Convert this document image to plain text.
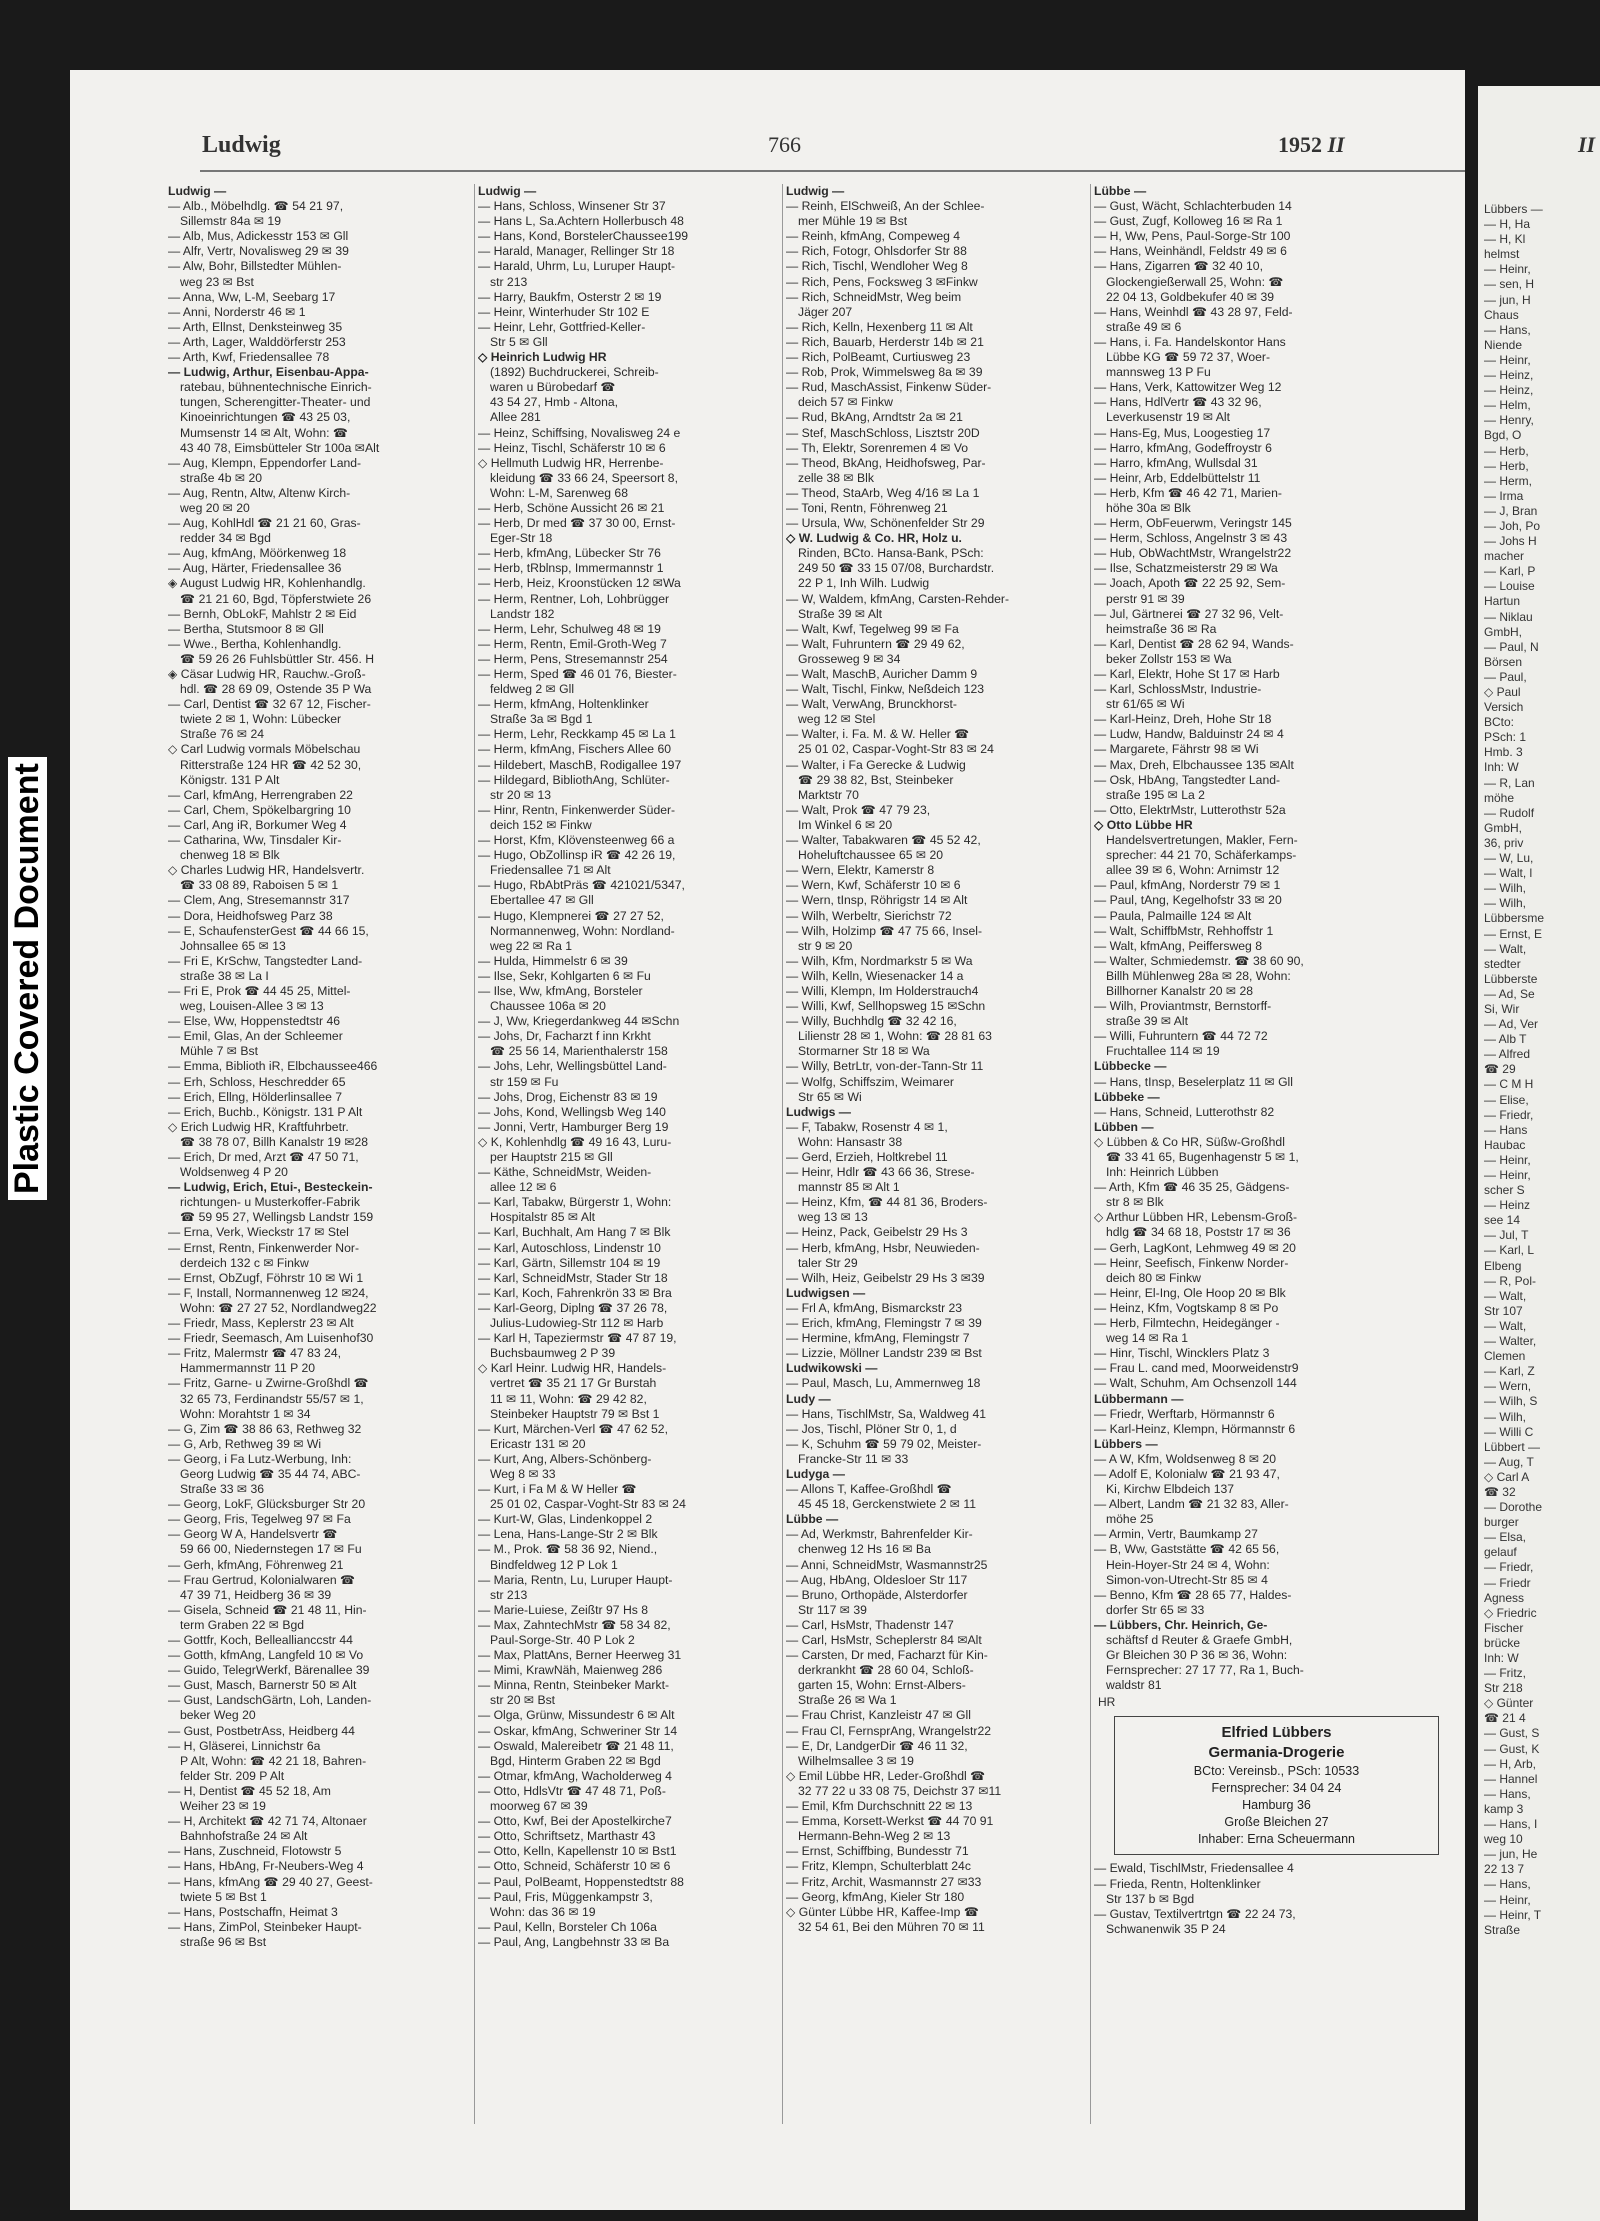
Ludwig	766	1952 II
Ludwig —
— Alb., Möbelhdlg. ☎ 54 21 97,
Sillemstr 84a ✉ 19
— Alb, Mus, Adickesstr 153 ✉ Gll
— Alfr, Vertr, Novalisweg 29 ✉ 39
— Alw, Bohr, Billstedter Mühlen-
weg 23 ✉ Bst
— Anna, Ww, L-M, Seebarg 17
— Anni, Norderstr 46 ✉ 1
— Arth, Ellnst, Denksteinweg 35
— Arth, Lager, Walddörferstr 253
— Arth, Kwf, Friedensallee 78
— Ludwig, Arthur, Eisenbau-Appa-
ratebau, bühnentechnische Einrich-
tungen, Scherengitter-Theater- und
Kinoeinrichtungen ☎ 43 25 03,
Mumsenstr 14 ✉ Alt, Wohn: ☎
43 40 78, Eimsbütteler Str 100a ✉Alt
— Aug, Klempn, Eppendorfer Land-
straße 4b ✉ 20
— Aug, Rentn, Altw, Altenw Kirch-
weg 20 ✉ 20
— Aug, KohlHdl ☎ 21 21 60, Gras-
redder 34 ✉ Bgd
— Aug, kfmAng, Möörkenweg 18
— Aug, Härter, Friedensallee 36
◈ August Ludwig HR, Kohlenhandlg.
☎ 21 21 60, Bgd, Töpferstwiete 26
— Bernh, ObLokF, Mahlstr 2 ✉ Eid
— Bertha, Stutsmoor 8 ✉ Gll
— Wwe., Bertha, Kohlenhandlg.
☎ 59 26 26 Fuhlsbüttler Str. 456. H
◈ Cäsar Ludwig HR, Rauchw.-Groß-
hdl. ☎ 28 69 09, Ostende 35 P Wa
— Carl, Dentist ☎ 32 67 12, Fischer-
twiete 2 ✉ 1, Wohn: Lübecker
Straße 76 ✉ 24
◇ Carl Ludwig vormals Möbelschau
Ritterstraße 124 HR ☎ 42 52 30,
Königstr. 131 P Alt
— Carl, kfmAng, Herrengraben 22
— Carl, Chem, Spökelbargring 10
— Carl, Ang iR, Borkumer Weg 4
— Catharina, Ww, Tinsdaler Kir-
chenweg 18 ✉ Blk
◇ Charles Ludwig HR, Handelsvertr.
☎ 33 08 89, Raboisen 5 ✉ 1
— Clem, Ang, Stresemannstr 317
— Dora, Heidhofsweg Parz 38
— E, SchaufensterGest ☎ 44 66 15,
Johnsallee 65 ✉ 13
— Fri E, KrSchw, Tangstedter Land-
straße 38 ✉ La I
— Fri E, Prok ☎ 44 45 25, Mittel-
weg, Louisen-Allee 3 ✉ 13
— Else, Ww, Hoppenstedtstr 46
— Emil, Glas, An der Schleemer
Mühle 7 ✉ Bst
— Emma, Biblioth iR, Elbchaussee466
— Erh, Schloss, Heschredder 65
— Erich, Ellng, Hölderlinsallee 7
— Erich, Buchb., Königstr. 131 P Alt
◇ Erich Ludwig HR, Kraftfuhrbetr.
☎ 38 78 07, Billh Kanalstr 19 ✉28
— Erich, Dr med, Arzt ☎ 47 50 71,
Woldsenweg 4 P 20
— Ludwig, Erich, Etui-, Besteckein-
richtungen- u Musterkoffer-Fabrik
☎ 59 95 27, Wellingsb Landstr 159
— Erna, Verk, Wieckstr 17 ✉ Stel
— Ernst, Rentn, Finkenwerder Nor-
derdeich 132 c ✉ Finkw
— Ernst, ObZugf, Föhrstr 10 ✉ Wi 1
— F, Install, Normannenweg 12 ✉24,
Wohn: ☎ 27 27 52, Nordlandweg22
— Friedr, Mass, Keplerstr 23 ✉ Alt
— Friedr, Seemasch, Am Luisenhof30
— Fritz, Malermstr ☎ 47 83 24,
Hammermannstr 11 P 20
— Fritz, Garne- u Zwirne-Großhdl ☎
32 65 73, Ferdinandstr 55/57 ✉ 1,
Wohn: Morahtstr 1 ✉ 34
— G, Zim ☎ 38 86 63, Rethweg 32
— G, Arb, Rethweg 39 ✉ Wi
— Georg, i Fa Lutz-Werbung, Inh:
Georg Ludwig ☎ 35 44 74, ABC-
Straße 33 ✉ 36
— Georg, LokF, Glücksburger Str 20
— Georg, Fris, Tegelweg 97 ✉ Fa
— Georg W A, Handelsvertr ☎
59 66 00, Niedernstegen 17 ✉ Fu
— Gerh, kfmAng, Föhrenweg 21
— Frau Gertrud, Kolonialwaren ☎
47 39 71, Heidberg 36 ✉ 39
— Gisela, Schneid ☎ 21 48 11, Hin-
term Graben 22 ✉ Bgd
— Gottfr, Koch, Belleallianccstr 44
— Gotth, kfmAng, Langfeld 10 ✉ Vo
— Guido, TelegrWerkf, Bärenallee 39
— Gust, Masch, Barnerstr 50 ✉ Alt
— Gust, LandschGärtn, Loh, Landen-
beker Weg 20
— Gust, PostbetrAss, Heidberg 44
— H, Gläserei, Linnichstr 6a
P Alt, Wohn: ☎ 42 21 18, Bahren-
felder Str. 209 P Alt
— H, Dentist ☎ 45 52 18, Am
Weiher 23 ✉ 19
— H, Architekt ☎ 42 71 74, Altonaer
Bahnhofstraße 24 ✉ Alt
— Hans, Zuschneid, Flotowstr 5
— Hans, HbAng, Fr-Neubers-Weg 4
— Hans, kfmAng ☎ 29 40 27, Geest-
twiete 5 ✉ Bst 1
— Hans, Postschaffn, Heimat 3
— Hans, ZimPol, Steinbeker Haupt-
straße 96 ✉ Bst
Ludwig —
— Hans, Schloss, Winsener Str 37
— Hans L, Sa.Achtern Hollerbusch 48
— Hans, Kond, BorstelerChaussee199
— Harald, Manager, Rellinger Str 18
— Harald, Uhrm, Lu, Luruper Haupt-
str 213
— Harry, Baukfm, Osterstr 2 ✉ 19
— Heinr, Winterhuder Str 102 E
— Heinr, Lehr, Gottfried-Keller-
Str 5 ✉ Gll
◇ Heinrich Ludwig HR
(1892) Buchdruckerei, Schreib-
waren u Bürobedarf ☎
43 54 27, Hmb - Altona,
Allee 281
— Heinz, Schiffsing, Novalisweg 24 e
— Heinz, Tischl, Schäferstr 10 ✉ 6
◇ Hellmuth Ludwig HR, Herrenbe-
kleidung ☎ 33 66 24, Speersort 8,
Wohn: L-M, Sarenweg 68
— Herb, Schöne Aussicht 26 ✉ 21
— Herb, Dr med ☎ 37 30 00, Ernst-
Eger-Str 18
— Herb, kfmAng, Lübecker Str 76
— Herb, tRblnsp, Immermannstr 1
— Herb, Heiz, Kroonstücken 12 ✉Wa
— Herm, Rentner, Loh, Lohbrügger
Landstr 182
— Herm, Lehr, Schulweg 48 ✉ 19
— Herm, Rentn, Emil-Groth-Weg 7
— Herm, Pens, Stresemannstr 254
— Herm, Sped ☎ 46 01 76, Biester-
feldweg 2 ✉ Gll
— Herm, kfmAng, Holtenklinker
Straße 3a ✉ Bgd 1
— Herm, Lehr, Reckkamp 45 ✉ La 1
— Herm, kfmAng, Fischers Allee 60
— Hildebert, MaschB, Rodigallee 197
— Hildegard, BibliothAng, Schlüter-
str 20 ✉ 13
— Hinr, Rentn, Finkenwerder Süder-
deich 152 ✉ Finkw
— Horst, Kfm, Klövensteenweg 66 a
— Hugo, ObZollinsp iR ☎ 42 26 19,
Friedensallee 71 ✉ Alt
— Hugo, RbAbtPräs ☎ 421021/5347,
Ebertallee 47 ✉ Gll
— Hugo, Klempnerei ☎ 27 27 52,
Normannenweg, Wohn: Nordland-
weg 22 ✉ Ra 1
— Hulda, Himmelstr 6 ✉ 39
— Ilse, Sekr, Kohlgarten 6 ✉ Fu
— Ilse, Ww, kfmAng, Borsteler
Chaussee 106a ✉ 20
— J, Ww, Kriegerdankweg 44 ✉Schn
— Johs, Dr, Facharzt f inn Krkht
☎ 25 56 14, Marienthalerstr 158
— Johs, Lehr, Wellingsbüttel Land-
str 159 ✉ Fu
— Johs, Drog, Eichenstr 83 ✉ 19
— Johs, Kond, Wellingsb Weg 140
— Jonni, Vertr, Hamburger Berg 19
◇ K, Kohlenhdlg ☎ 49 16 43, Luru-
per Hauptstr 215 ✉ Gll
— Käthe, SchneidMstr, Weiden-
allee 12 ✉ 6
— Karl, Tabakw, Bürgerstr 1, Wohn:
Hospitalstr 85 ✉ Alt
— Karl, Buchhalt, Am Hang 7 ✉ Blk
— Karl, Autoschloss, Lindenstr 10
— Karl, Gärtn, Sillemstr 104 ✉ 19
— Karl, SchneidMstr, Stader Str 18
— Karl, Koch, Fahrenkrön 33 ✉ Bra
— Karl-Georg, Diplng ☎ 37 26 78,
Julius-Ludowieg-Str 112 ✉ Harb
— Karl H, Tapeziermstr ☎ 47 87 19,
Buchsbaumweg 2 P 39
◇ Karl Heinr. Ludwig HR, Handels-
vertret ☎ 35 21 17 Gr Burstah
11 ✉ 11, Wohn: ☎ 29 42 82,
Steinbeker Hauptstr 79 ✉ Bst 1
— Kurt, Märchen-Verl ☎ 47 62 52,
Ericastr 131 ✉ 20
— Kurt, Ang, Albers-Schönberg-
Weg 8 ✉ 33
— Kurt, i Fa M & W Heller ☎
25 01 02, Caspar-Voght-Str 83 ✉ 24
— Kurt-W, Glas, Lindenkoppel 2
— Lena, Hans-Lange-Str 2 ✉ Blk
— M., Prok. ☎ 58 36 92, Niend.,
Bindfeldweg 12 P Lok 1
— Maria, Rentn, Lu, Luruper Haupt-
str 213
— Marie-Luiese, Zeißtr 97 Hs 8
— Max, ZahntechMstr ☎ 58 34 82,
Paul-Sorge-Str. 40 P Lok 2
— Max, PlattAns, Berner Heerweg 31
— Mimi, KrawNäh, Maienweg 286
— Minna, Rentn, Steinbeker Markt-
str 20 ✉ Bst
— Olga, Grünw, Missundestr 6 ✉ Alt
— Oskar, kfmAng, Schweriner Str 14
— Oswald, Malereibetr ☎ 21 48 11,
Bgd, Hinterm Graben 22 ✉ Bgd
— Otmar, kfmAng, Wacholderweg 4
— Otto, HdlsVtr ☎ 47 48 71, Poß-
moorweg 67 ✉ 39
— Otto, Kwf, Bei der Apostelkirche7
— Otto, Schriftsetz, Marthastr 43
— Otto, Kelln, Kapellenstr 10 ✉ Bst1
— Otto, Schneid, Schäferstr 10 ✉ 6
— Paul, PolBeamt, Hoppenstedtstr 88
— Paul, Fris, Müggenkampstr 3,
Wohn: das 36 ✉ 19
— Paul, Kelln, Borsteler Ch 106a
— Paul, Ang, Langbehnstr 33 ✉ Ba
Ludwig —
— Reinh, ElSchweiß, An der Schlee-
mer Mühle 19 ✉ Bst
— Reinh, kfmAng, Compeweg 4
— Rich, Fotogr, Ohlsdorfer Str 88
— Rich, Tischl, Wendloher Weg 8
— Rich, Pens, Focksweg 3 ✉Finkw
— Rich, SchneidMstr, Weg beim
Jäger 207
— Rich, Kelln, Hexenberg 11 ✉ Alt
— Rich, Bauarb, Herderstr 14b ✉ 21
— Rich, PolBeamt, Curtiusweg 23
— Rob, Prok, Wimmelsweg 8a ✉ 39
— Rud, MaschAssist, Finkenw Süder-
deich 57 ✉ Finkw
— Rud, BkAng, Arndtstr 2a ✉ 21
— Stef, MaschSchloss, Lisztstr 20D
— Th, Elektr, Sorenremen 4 ✉ Vo
— Theod, BkAng, Heidhofsweg, Par-
zelle 38 ✉ Blk
— Theod, StaArb, Weg 4/16 ✉ La 1
— Toni, Rentn, Föhrenweg 21
— Ursula, Ww, Schönenfelder Str 29
◇ W. Ludwig & Co. HR, Holz u.
Rinden, BCto. Hansa-Bank, PSch:
249 50 ☎ 33 15 07/08, Burchardstr.
22 P 1, Inh Wilh. Ludwig
— W, Waldem, kfmAng, Carsten-Rehder-
Straße 39 ✉ Alt
— Walt, Kwf, Tegelweg 99 ✉ Fa
— Walt, Fuhruntern ☎ 29 49 62,
Grosseweg 9 ✉ 34
— Walt, MaschB, Auricher Damm 9
— Walt, Tischl, Finkw, Neßdeich 123
— Walt, VerwAng, Brunckhorst-
weg 12 ✉ Stel
— Walter, i. Fa. M. & W. Heller ☎
25 01 02, Caspar-Voght-Str 83 ✉ 24
— Walter, i Fa Gerecke & Ludwig
☎ 29 38 82, Bst, Steinbeker
Marktstr 70
— Walt, Prok ☎ 47 79 23,
Im Winkel 6 ✉ 20
— Walter, Tabakwaren ☎ 45 52 42,
Hoheluftchaussee 65 ✉ 20
— Wern, Elektr, Kamerstr 8
— Wern, Kwf, Schäferstr 10 ✉ 6
— Wern, tInsp, Röhrigstr 14 ✉ Alt
— Wilh, Werbeltr, Sierichstr 72
— Wilh, Holzimp ☎ 47 75 66, Insel-
str 9 ✉ 20
— Wilh, Kfm, Nordmarkstr 5 ✉ Wa
— Wilh, Kelln, Wiesenacker 14 a
— Willi, Klempn, Im Holderstrauch4
— Willi, Kwf, Sellhopsweg 15 ✉Schn
— Willy, Buchhdlg ☎ 32 42 16,
Lilienstr 28 ✉ 1, Wohn: ☎ 28 81 63
Stormarner Str 18 ✉ Wa
— Willy, BetrLtr, von-der-Tann-Str 11
— Wolfg, Schiffszim, Weimarer
Str 65 ✉ Wi
Ludwigs —
— F, Tabakw, Rosenstr 4 ✉ 1,
Wohn: Hansastr 38
— Gerd, Erzieh, Holtkrebel 11
— Heinr, Hdlr ☎ 43 66 36, Strese-
mannstr 85 ✉ Alt 1
— Heinz, Kfm, ☎ 44 81 36, Broders-
weg 13 ✉ 13
— Heinz, Pack, Geibelstr 29 Hs 3
— Herb, kfmAng, Hsbr, Neuwieden-
taler Str 29
— Wilh, Heiz, Geibelstr 29 Hs 3 ✉39
Ludwigsen —
— Frl A, kfmAng, Bismarckstr 23
— Erich, kfmAng, Flemingstr 7 ✉ 39
— Hermine, kfmAng, Flemingstr 7
— Lizzie, Möllner Landstr 239 ✉ Bst
Ludwikowski —
— Paul, Masch, Lu, Ammernweg 18
Ludy —
— Hans, TischlMstr, Sa, Waldweg 41
— Jos, Tischl, Plöner Str 0, 1, d
— K, Schuhm ☎ 59 79 02, Meister-
Francke-Str 11 ✉ 33
Ludyga —
— Allons T, Kaffee-Großhdl ☎
45 45 18, Gerckenstwiete 2 ✉ 11
Lübbe —
— Ad, Werkmstr, Bahrenfelder Kir-
chenweg 12 Hs 16 ✉ Ba
— Anni, SchneidMstr, Wasmannstr25
— Aug, HbAng, Oldesloer Str 117
— Bruno, Orthopäde, Alsterdorfer
Str 117 ✉ 39
— Carl, HsMstr, Thadenstr 147
— Carl, HsMstr, Scheplerstr 84 ✉Alt
— Carsten, Dr med, Facharzt für Kin-
derkrankht ☎ 28 60 04, Schloß-
garten 15, Wohn: Ernst-Albers-
Straße 26 ✉ Wa 1
— Frau Christ, Kanzleistr 47 ✉ Gll
— Frau Cl, FernsprAng, Wrangelstr22
— E, Dr, LandgerDir ☎ 46 11 32,
Wilhelmsallee 3 ✉ 19
◇ Emil Lübbe HR, Leder-Großhdl ☎
32 77 22 u 33 08 75, Deichstr 37 ✉11
— Emil, Kfm Durchschnitt 22 ✉ 13
— Emma, Korsett-Werkst ☎ 44 70 91
Hermann-Behn-Weg 2 ✉ 13
— Ernst, Schiffbing, Bundesstr 71
— Fritz, Klempn, Schulterblatt 24c
— Fritz, Archit, Wasmannstr 27 ✉33
— Georg, kfmAng, Kieler Str 180
◇ Günter Lübbe HR, Kaffee-Imp ☎
32 54 61, Bei den Mühren 70 ✉ 11
Lübbe —
— Gust, Wächt, Schlachterbuden 14
— Gust, Zugf, Kolloweg 16 ✉ Ra 1
— H, Ww, Pens, Paul-Sorge-Str 100
— Hans, Weinhändl, Feldstr 49 ✉ 6
— Hans, Zigarren ☎ 32 40 10,
Glockengießerwall 25, Wohn: ☎
22 04 13, Goldbekufer 40 ✉ 39
— Hans, Weinhdl ☎ 43 28 97, Feld-
straße 49 ✉ 6
— Hans, i. Fa. Handelskontor Hans
Lübbe KG ☎ 59 72 37, Woer-
mannsweg 13 P Fu
— Hans, Verk, Kattowitzer Weg 12
— Hans, HdlVertr ☎ 43 32 96,
Leverkusenstr 19 ✉ Alt
— Hans-Eg, Mus, Loogestieg 17
— Harro, kfmAng, Godeffroystr 6
— Harro, kfmAng, Wullsdal 31
— Heinr, Arb, Eddelbüttelstr 11
— Herb, Kfm ☎ 46 42 71, Marien-
höhe 30a ✉ Blk
— Herm, ObFeuerwm, Veringstr 145
— Herm, Schloss, Angelnstr 3 ✉ 43
— Hub, ObWachtMstr, Wrangelstr22
— Ilse, Schatzmeisterstr 29 ✉ Wa
— Joach, Apoth ☎ 22 25 92, Sem-
perstr 91 ✉ 39
— Jul, Gärtnerei ☎ 27 32 96, Velt-
heimstraße 36 ✉ Ra
— Karl, Dentist ☎ 28 62 94, Wands-
beker Zollstr 153 ✉ Wa
— Karl, Elektr, Hohe St 17 ✉ Harb
— Karl, SchlossMstr, Industrie-
str 61/65 ✉ Wi
— Karl-Heinz, Dreh, Hohe Str 18
— Ludw, Handw, Balduinstr 24 ✉ 4
— Margarete, Fährstr 98 ✉ Wi
— Max, Dreh, Elbchaussee 135 ✉Alt
— Osk, HbAng, Tangstedter Land-
straße 195 ✉ La 2
— Otto, ElektrMstr, Lutterothstr 52a
◇ Otto Lübbe HR
Handelsvertretungen, Makler, Fern-
sprecher: 44 21 70, Schäferkamps-
allee 39 ✉ 6, Wohn: Arnimstr 12
— Paul, kfmAng, Norderstr 79 ✉ 1
— Paul, tAng, Kegelhofstr 33 ✉ 20
— Paula, Palmaille 124 ✉ Alt
— Walt, SchiffbMstr, Rehhoffstr 1
— Walt, kfmAng, Peiffersweg 8
— Walter, Schmiedemstr. ☎ 38 60 90,
Billh Mühlenweg 28a ✉ 28, Wohn:
Billhorner Kanalstr 20 ✉ 28
— Wilh, Proviantmstr, Bernstorff-
straße 39 ✉ Alt
— Willi, Fuhruntern ☎ 44 72 72
Fruchtallee 114 ✉ 19
Lübbecke —
— Hans, tInsp, Beselerplatz 11 ✉ Gll
Lübbeke —
— Hans, Schneid, Lutterothstr 82
Lübben —
◇ Lübben & Co HR, Süßw-Großhdl
☎ 33 41 65, Bugenhagenstr 5 ✉ 1,
Inh: Heinrich Lübben
— Arth, Kfm ☎ 46 35 25, Gädgens-
str 8 ✉ Blk
◇ Arthur Lübben HR, Lebensm-Groß-
hdlg ☎ 34 68 18, Poststr 17 ✉ 36
— Gerh, LagKont, Lehmweg 49 ✉ 20
— Heinr, Seefisch, Finkenw Norder-
deich 80 ✉ Finkw
— Heinr, El-Ing, Ole Hoop 20 ✉ Blk
— Heinz, Kfm, Vogtskamp 8 ✉ Po
— Herb, Filmtechn, Heidegänger -
weg 14 ✉ Ra 1
— Hinr, Tischl, Wincklers Platz 3
— Frau L. cand med, Moorweidenstr9
— Walt, Schuhm, Am Ochsenzoll 144
Lübbermann —
— Friedr, Werftarb, Hörmannstr 6
— Karl-Heinz, Klempn, Hörmannstr 6
Lübbers —
— A W, Kfm, Woldsenweg 8 ✉ 20
— Adolf E, Kolonialw ☎ 21 93 47,
Ki, Kirchw Elbdeich 137
— Albert, Landm ☎ 21 32 83, Aller-
möhe 25
— Armin, Vertr, Baumkamp 27
— B, Ww, Gaststätte ☎ 42 65 56,
Hein-Hoyer-Str 24 ✉ 4, Wohn:
Simon-von-Utrecht-Str 85 ✉ 4
— Benno, Kfm ☎ 28 65 77, Haldes-
dorfer Str 65 ✉ 33
— Lübbers, Chr. Heinrich, Ge-
schäftsf d Reuter & Graefe GmbH,
Gr Bleichen 30 P 36 ✉ 36, Wohn:
Fernsprecher: 27 17 77, Ra 1, Buch-
waldstr 81
HR
Elfried Lübbers
Germania-Drogerie
BCto: Vereinsb., PSch: 10533
Fernsprecher: 34 04 24
Hamburg 36
Große Bleichen 27
Inhaber: Erna Scheuermann
— Ewald, TischlMstr, Friedensallee 4
— Frieda, Rentn, Holtenklinker
Str 137 b ✉ Bgd
— Gustav, Textilvertrtgn ☎ 22 24 73,
Schwanenwik 35 P 24
II
Lübbers —
— H, Ha
— H, Kl
helmst
— Heinr,
— sen, H
— jun, H
Chaus
— Hans,
Niende
— Heinr,
— Heinz,
— Heinz,
— Helm,
— Henry,
Bgd, O
— Herb,
— Herb,
— Herm,
— Irma
— J, Bran
— Joh, Po
— Johs H
macher
— Karl, P
— Louise
Hartun
— Niklau
GmbH,
— Paul, N
Börsen
— Paul,
◇ Paul
Versich
BCto:
PSch: 1
Hmb. 3
Inh: W
— R, Lan
möhe
— Rudolf
GmbH,
36, priv
— W, Lu,
— Walt, l
— Wilh,
— Wilh,
Lübbersme
— Ernst, E
— Walt,
stedter
Lübberste
— Ad, Se
Si, Wir
— Ad, Ver
— Alb T
— Alfred
☎ 29
— C M H
— Elise,
— Friedr,
— Hans
Haubac
— Heinr,
— Heinr,
scher S
— Heinz
see 14
— Jul, T
— Karl, L
Elbeng
— R, Pol-
— Walt,
Str 107
— Walt,
— Walter,
Clemen
— Karl, Z
— Wern,
— Wilh, S
— Wilh,
— Willi C
Lübbert —
— Aug, T
◇ Carl A
☎ 32
— Dorothe
burger
— Elsa,
gelauf
— Friedr,
— Friedr
Agness
◇ Friedric
Fischer
brücke
Inh: W
— Fritz,
Str 218
◇ Günter
☎ 21 4
— Gust, S
— Gust, K
— H, Arb,
— Hannel
— Hans,
kamp 3
— Hans, I
weg 10
— jun, He
22 13 7
— Hans,
— Heinr,
— Heinr, T
Straße
Plastic Covered Document
